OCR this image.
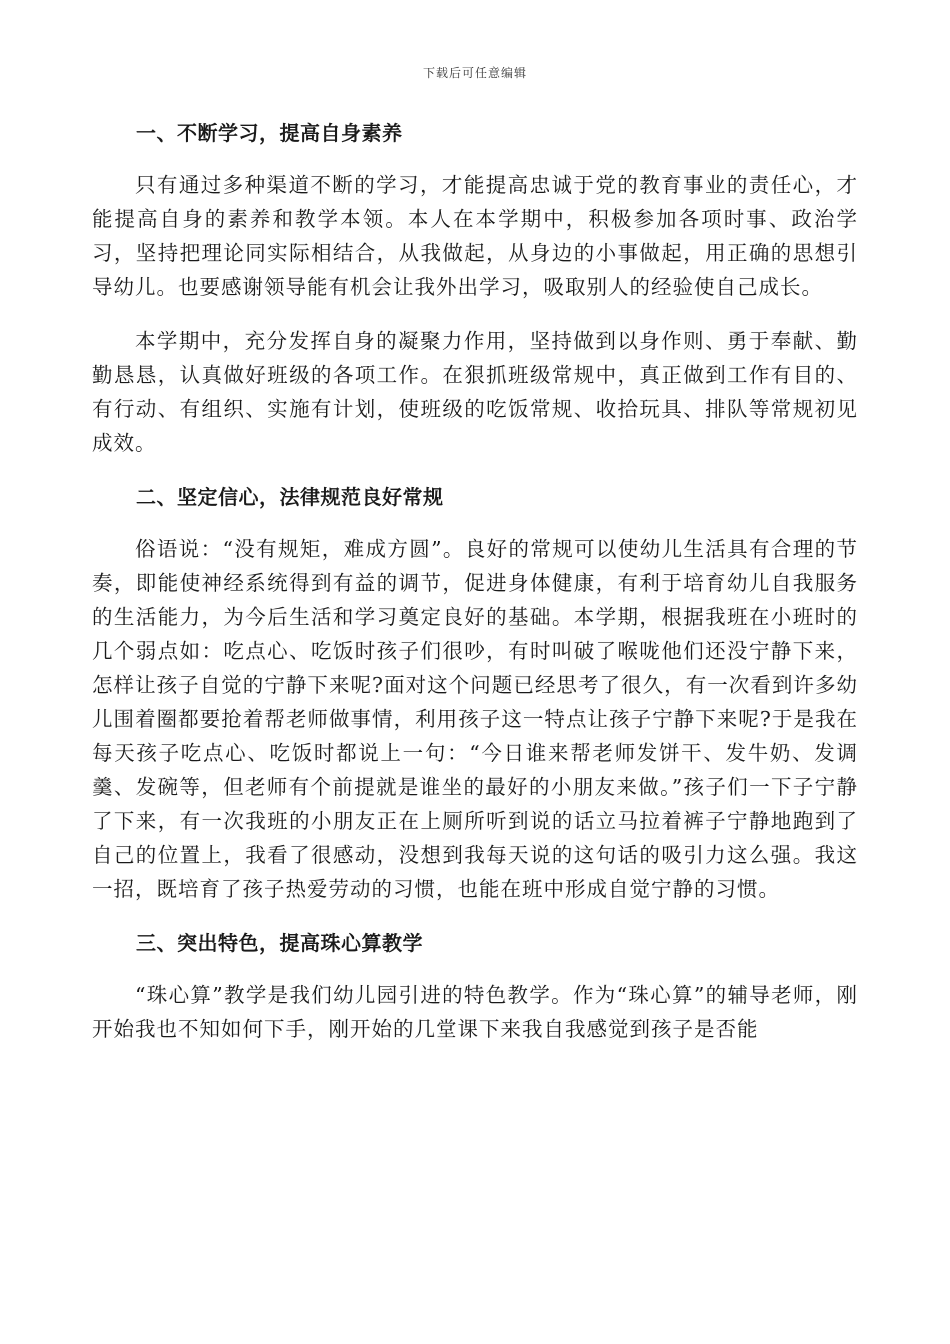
下载后可任意编辑
一、不断学习，提高自身素养

只有通过多种渠道不断的学习，才能提高忠诚于党的教育事业的责任心，才能提高自身的素养和教学本领。本人在本学期中，积极参加各项时事、政治学习，坚持把理论同实际相结合，从我做起，从身边的小事做起，用正确的思想引导幼儿。也要感谢领导能有机会让我外出学习，吸取别人的经验使自己成长。

本学期中，充分发挥自身的凝聚力作用，坚持做到以身作则、勇于奉献、勤勤恳恳，认真做好班级的各项工作。在狠抓班级常规中，真正做到工作有目的、有行动、有组织、实施有计划，使班级的吃饭常规、收拾玩具、排队等常规初见成效。

二、坚定信心，法律规范良好常规

俗语说：“没有规矩，难成方圆”。良好的常规可以使幼儿生活具有合理的节奏，即能使神经系统得到有益的调节，促进身体健康，有利于培育幼儿自我服务的生活能力，为今后生活和学习奠定良好的基础。本学期，根据我班在小班时的几个弱点如：吃点心、吃饭时孩子们很吵，有时叫破了喉咙他们还没宁静下来，怎样让孩子自觉的宁静下来呢?面对这个问题已经思考了很久，有一次看到许多幼儿围着圈都要抢着帮老师做事情，利用孩子这一特点让孩子宁静下来呢?于是我在每天孩子吃点心、吃饭时都说上一句：“今日谁来帮老师发饼干、发牛奶、发调羹、发碗等，但老师有个前提就是谁坐的最好的小朋友来做。”孩子们一下子宁静了下来，有一次我班的小朋友正在上厕所听到说的话立马拉着裤子宁静地跑到了自己的位置上，我看了很感动，没想到我每天说的这句话的吸引力这么强。我这一招，既培育了孩子热爱劳动的习惯，也能在班中形成自觉宁静的习惯。

三、突出特色，提高珠心算教学

“珠心算”教学是我们幼儿园引进的特色教学。作为“珠心算”的辅导老师，刚开始我也不知如何下手，刚开始的几堂课下来我自我感觉到孩子是否能
